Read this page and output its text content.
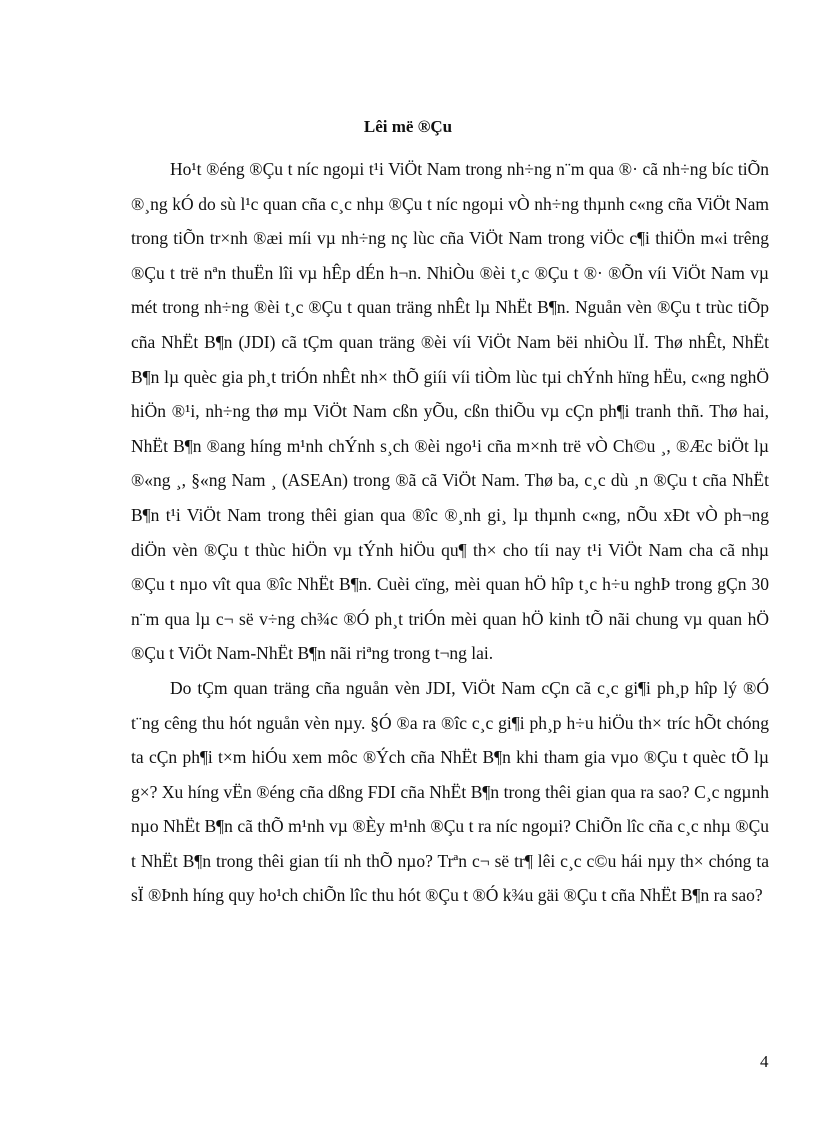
Lêi më ®Çu

Ho¹t ®éng ®Çu t níc ngoµi t¹i ViÖt Nam trong nh÷ng n¨m qua ®· cã nh÷ng bíc tiÕn ®¸ng kÓ do sù l¹c quan cña c¸c nhµ ®Çu t níc ngoµi vÒ nh÷ng thµnh c«ng cña ViÖt Nam trong tiÕn tr×nh ®æi míi vµ nh÷ng nç lùc cña ViÖt Nam trong viÖc c¶i thiÖn m«i trêng ®Çu t trë nªn thuËn lîi vµ hÊp dÉn h¬n. NhiÒu ®èi t¸c ®Çu t ®· ®Õn víi ViÖt Nam vµ mét trong nh÷ng ®èi t¸c ®Çu t quan träng nhÊt lµ NhËt B¶n. Nguån vèn ®Çu t trùc tiÕp cña NhËt B¶n (JDI) cã tÇm quan träng ®èi víi ViÖt Nam bëi nhiÒu lÏ. Thø nhÊt, NhËt B¶n lµ quèc gia ph¸t triÓn nhÊt nh× thÕ giíi víi tiÒm lùc tµi chÝnh hïng hËu, c«ng nghÖ hiÖn ®¹i, nh÷ng thø mµ ViÖt Nam cßn yÕu, cßn thiÕu vµ cÇn ph¶i tranh thñ. Thø hai, NhËt B¶n ®ang híng m¹nh chÝnh s¸ch ®èi ngo¹i cña m×nh trë vÒ Ch©u ¸, ®Æc biÖt lµ ®«ng ¸, §«ng Nam ¸ (ASEAn) trong ®ã cã ViÖt Nam. Thø ba, c¸c dù ¸n ®Çu t cña NhËt B¶n t¹i ViÖt Nam trong thêi gian qua ®îc ®¸nh gi¸ lµ thµnh c«ng, nÕu xÐt vÒ ph¬ng diÖn vèn ®Çu t thùc hiÖn vµ tÝnh hiÖu qu¶ th× cho tíi nay t¹i ViÖt Nam cha cã nhµ ®Çu t nµo vît qua ®îc NhËt B¶n. Cuèi cïng, mèi quan hÖ hîp t¸c h÷u nghÞ trong gÇn 30 n¨m qua lµ c¬ së v÷ng ch¾c ®Ó ph¸t triÓn mèi quan hÖ kinh tÕ nãi chung vµ quan hÖ ®Çu t ViÖt Nam-NhËt B¶n nãi riªng trong t¬ng lai.

Do tÇm quan träng cña nguån vèn JDI, ViÖt Nam cÇn cã c¸c gi¶i ph¸p hîp lý ®Ó t¨ng cêng thu hót nguån vèn nµy. §Ó ®a ra ®îc c¸c gi¶i ph¸p h÷u hiÖu th× tríc hÕt chóng ta cÇn ph¶i t×m hiÓu xem môc ®Ých cña NhËt B¶n khi tham gia vµo ®Çu t quèc tÕ lµ g×? Xu híng vËn ®éng cña dßng FDI cña NhËt B¶n trong thêi gian qua ra sao? C¸c ngµnh nµo NhËt B¶n cã thÕ m¹nh vµ ®Èy m¹nh ®Çu t ra níc ngoµi? ChiÕn lîc cña c¸c nhµ ®Çu t NhËt B¶n trong thêi gian tíi nh thÕ nµo? Trªn c¬ së tr¶ lêi c¸c c©u hái nµy th× chóng ta sÏ ®Þnh híng quy ho¹ch chiÕn lîc thu hót ®Çu t ®Ó k¾u gäi ®Çu t cña NhËt B¶n ra sao?

4
